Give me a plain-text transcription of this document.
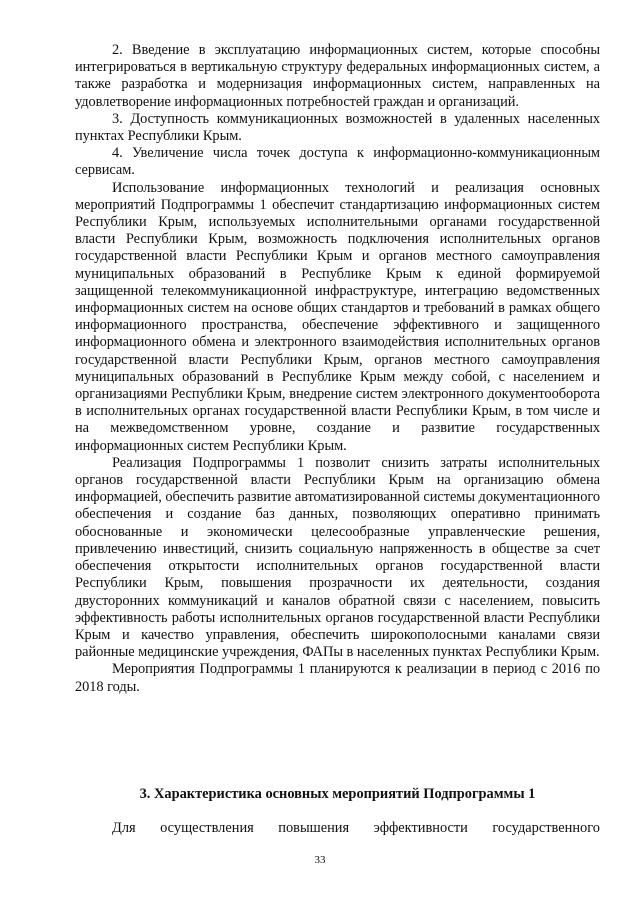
2. Введение в эксплуатацию информационных систем, которые способны интегрироваться в вертикальную структуру федеральных информационных систем, а также разработка и модернизация информационных систем, направленных на удовлетворение информационных потребностей граждан и организаций.

3. Доступность коммуникационных возможностей в удаленных населенных пунктах Республики Крым.

4. Увеличение числа точек доступа к информационно-коммуникационным сервисам.

Использование информационных технологий и реализация основных мероприятий Подпрограммы 1 обеспечит стандартизацию информационных систем Республики Крым, используемых исполнительными органами государственной власти Республики Крым, возможность подключения исполнительных органов государственной власти Республики Крым и органов местного самоуправления муниципальных образований в Республике Крым к единой формируемой защищенной телекоммуникационной инфраструктуре, интеграцию ведомственных информационных систем на основе общих стандартов и требований в рамках общего информационного пространства, обеспечение эффективного и защищенного информационного обмена и электронного взаимодействия исполнительных органов государственной власти Республики Крым, органов местного самоуправления муниципальных образований в Республике Крым между собой, с населением и организациями Республики Крым, внедрение систем электронного документооборота в исполнительных органах государственной власти Республики Крым, в том числе и на межведомственном уровне, создание и развитие государственных информационных систем Республики Крым.

Реализация Подпрограммы 1 позволит снизить затраты исполнительных органов государственной власти Республики Крым на организацию обмена информацией, обеспечить развитие автоматизированной системы документационного обеспечения и создание баз данных, позволяющих оперативно принимать обоснованные и экономически целесообразные управленческие решения, привлечению инвестиций, снизить социальную напряженность в обществе за счет обеспечения открытости исполнительных органов государственной власти Республики Крым, повышения прозрачности их деятельности, создания двусторонних коммуникаций и каналов обратной связи с населением, повысить эффективность работы исполнительных органов государственной власти Республики Крым и качество управления, обеспечить широкополосными каналами связи районные медицинские учреждения, ФАПы в населенных пунктах Республики Крым.

Мероприятия Подпрограммы 1 планируются к реализации в период с 2016 по 2018 годы.

3. Характеристика основных мероприятий Подпрограммы 1
Для осуществления повышения эффективности государственного
33
